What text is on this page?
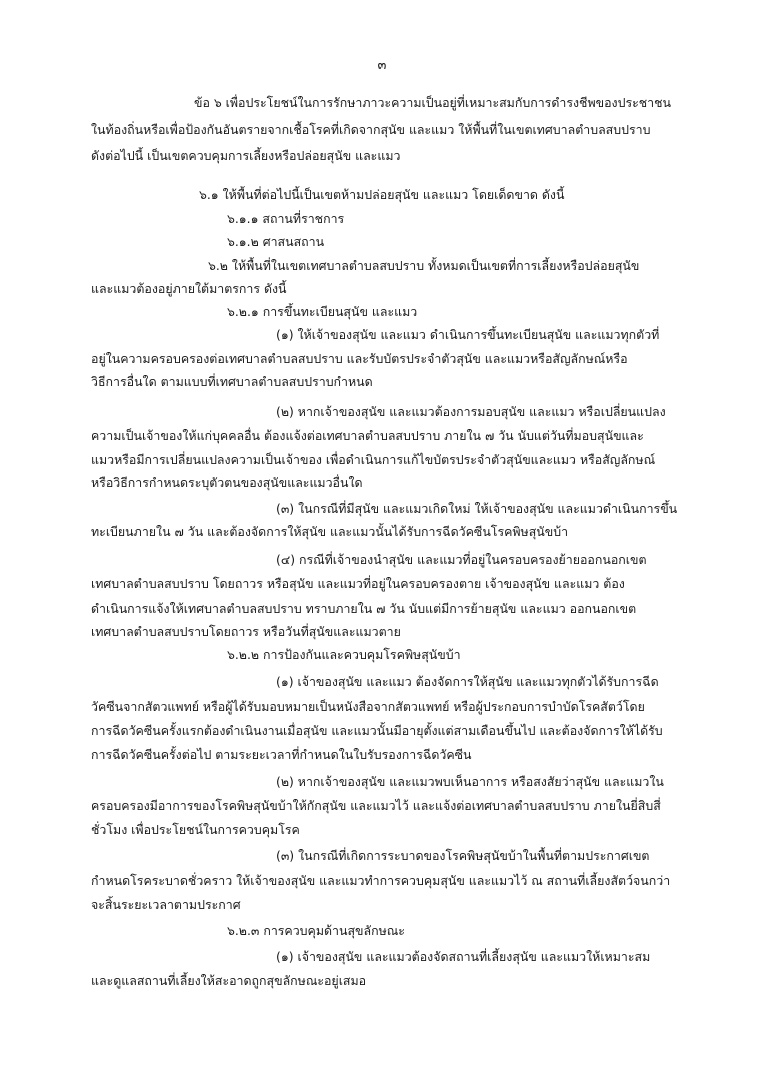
๓

ข้อ ๖ เพื่อประโยชน์ในการรักษาภาวะความเป็นอยู่ที่เหมาะสมกับการดำรงชีพของประชาชน

ในท้องถิ่นหรือเพื่อป้องกันอันตรายจากเชื้อโรคที่เกิดจากสุนัข และแมว ให้พื้นที่ในเขตเทศบาลตำบลสบปราบ

ดังต่อไปนี้ เป็นเขตควบคุมการเลี้ยงหรือปล่อยสุนัข และแมว

๖.๑ ให้พื้นที่ต่อไปนี้เป็นเขตห้ามปล่อยสุนัข และแมว โดยเด็ดขาด ดังนี้

๖.๑.๑ สถานที่ราชการ

๖.๑.๒ ศาสนสถาน

๖.๒ ให้พื้นที่ในเขตเทศบาลตำบลสบปราบ ทั้งหมดเป็นเขตที่การเลี้ยงหรือปล่อยสุนัข

และแมวต้องอยู่ภายใต้มาตรการ ดังนี้

๖.๒.๑ การขึ้นทะเบียนสุนัข และแมว

(๑) ให้เจ้าของสุนัข และแมว ดำเนินการขึ้นทะเบียนสุนัข และแมวทุกตัวที่

อยู่ในความครอบครองต่อเทศบาลตำบลสบปราบ และรับบัตรประจำตัวสุนัข และแมวหรือสัญลักษณ์หรือ

วิธีการอื่นใด ตามแบบที่เทศบาลตำบลสบปราบกำหนด

(๒) หากเจ้าของสุนัข และแมวต้องการมอบสุนัข และแมว หรือเปลี่ยนแปลง

ความเป็นเจ้าของให้แก่บุคคลอื่น ต้องแจ้งต่อเทศบาลตำบลสบปราบ ภายใน ๗ วัน นับแต่วันที่มอบสุนัขและ

แมวหรือมีการเปลี่ยนแปลงความเป็นเจ้าของ เพื่อดำเนินการแก้ไขบัตรประจำตัวสุนัขและแมว หรือสัญลักษณ์

หรือวิธีการกำหนดระบุตัวตนของสุนัขและแมวอื่นใด

(๓) ในกรณีที่มีสุนัข และแมวเกิดใหม่ ให้เจ้าของสุนัข และแมวดำเนินการขึ้น

ทะเบียนภายใน ๗ วัน และต้องจัดการให้สุนัข และแมวนั้นได้รับการฉีดวัคซีนโรคพิษสุนัขบ้า

(๔) กรณีที่เจ้าของนำสุนัข และแมวที่อยู่ในครอบครองย้ายออกนอกเขต

เทศบาลตำบลสบปราบ โดยถาวร หรือสุนัข และแมวที่อยู่ในครอบครองตาย เจ้าของสุนัข และแมว ต้อง

ดำเนินการแจ้งให้เทศบาลตำบลสบปราบ ทราบภายใน ๗ วัน นับแต่มีการย้ายสุนัข และแมว ออกนอกเขต

เทศบาลตำบลสบปราบโดยถาวร หรือวันที่สุนัขและแมวตาย

๖.๒.๒ การป้องกันและควบคุมโรคพิษสุนัขบ้า

(๑) เจ้าของสุนัข และแมว ต้องจัดการให้สุนัข และแมวทุกตัวได้รับการฉีด

วัคซีนจากสัตวแพทย์ หรือผู้ได้รับมอบหมายเป็นหนังสือจากสัตวแพทย์ หรือผู้ประกอบการบำบัดโรคสัตว์โดย

การฉีดวัคซีนครั้งแรกต้องดำเนินงานเมื่อสุนัข และแมวนั้นมีอายุตั้งแต่สามเดือนขึ้นไป และต้องจัดการให้ได้รับ

การฉีดวัคซีนครั้งต่อไป ตามระยะเวลาที่กำหนดในใบรับรองการฉีดวัคซีน

(๒) หากเจ้าของสุนัข และแมวพบเห็นอาการ หรือสงสัยว่าสุนัข และแมวใน

ครอบครองมีอาการของโรคพิษสุนัขบ้าให้กักสุนัข และแมวไว้ และแจ้งต่อเทศบาลตำบลสบปราบ ภายในยี่สิบสี่

ชั่วโมง เพื่อประโยชน์ในการควบคุมโรค

(๓) ในกรณีที่เกิดการระบาดของโรคพิษสุนัขบ้าในพื้นที่ตามประกาศเขต

กำหนดโรคระบาดชั่วคราว ให้เจ้าของสุนัข และแมวทำการควบคุมสุนัข และแมวไว้ ณ สถานที่เลี้ยงสัตว์จนกว่า

จะสิ้นระยะเวลาตามประกาศ

๖.๒.๓ การควบคุมด้านสุขลักษณะ

(๑) เจ้าของสุนัข และแมวต้องจัดสถานที่เลี้ยงสุนัข และแมวให้เหมาะสม

และดูแลสถานที่เลี้ยงให้สะอาดถูกสุขลักษณะอยู่เสมอ
